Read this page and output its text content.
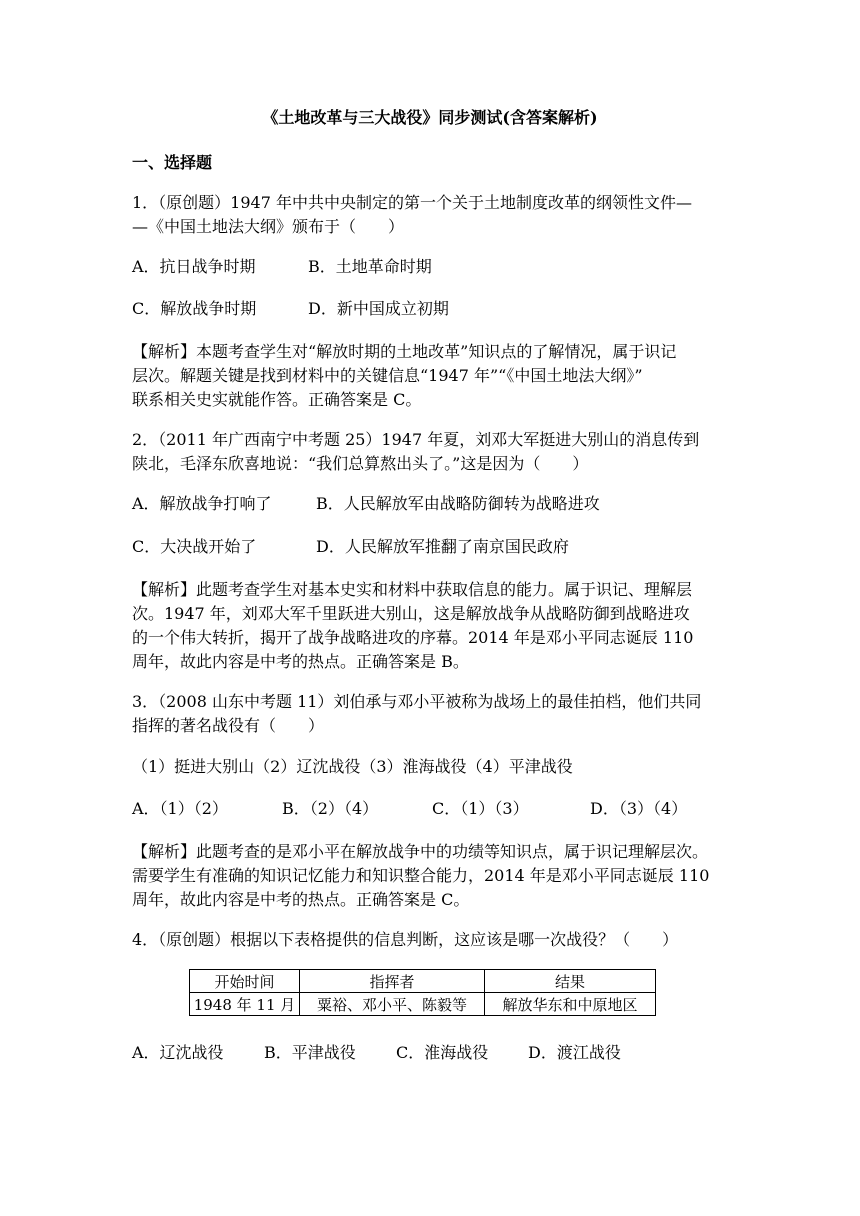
《土地改革与三大战役》同步测试(含答案解析)
一、选择题
1．（原创题）1947 年中共中央制定的第一个关于土地制度改革的纲领性文件—
—《中国土地法大纲》颁布于（　　）
A．抗日战争时期	B．土地革命时期
C．解放战争时期	D．新中国成立初期
【解析】本题考查学生对“解放时期的土地改革”知识点的了解情况，属于识记
层次。解题关键是找到材料中的关键信息“1947 年”“《中国土地法大纲》”
联系相关史实就能作答。正确答案是 C。
2．（2011 年广西南宁中考题 25）1947 年夏，刘邓大军挺进大别山的消息传到
陕北，毛泽东欣喜地说：“我们总算熬出头了。”这是因为（　　）
A．解放战争打响了	B．人民解放军由战略防御转为战略进攻
C．大决战开始了	D．人民解放军推翻了南京国民政府
【解析】此题考查学生对基本史实和材料中获取信息的能力。属于识记、理解层
次。1947 年，刘邓大军千里跃进大别山，这是解放战争从战略防御到战略进攻
的一个伟大转折，揭开了战争战略进攻的序幕。2014 年是邓小平同志诞辰 110
周年，故此内容是中考的热点。正确答案是 B。
3．（2008 山东中考题 11）刘伯承与邓小平被称为战场上的最佳拍档，他们共同
指挥的著名战役有（　　）
（1）挺进大别山（2）辽沈战役（3）淮海战役（4）平津战役
A．（1）（2）	B．（2）（4）	C．（1）（3）	D．（3）（4）
【解析】此题考查的是邓小平在解放战争中的功绩等知识点，属于识记理解层次。
需要学生有准确的知识记忆能力和知识整合能力，2014 年是邓小平同志诞辰 110
周年，故此内容是中考的热点。正确答案是 C。
4．（原创题）根据以下表格提供的信息判断，这应该是哪一次战役？（　　）
开始时间	指挥者	结果
1948 年 11 月	粟裕、邓小平、陈毅等	解放华东和中原地区
A．辽沈战役	B．平津战役	C．淮海战役 D．渡江战役
